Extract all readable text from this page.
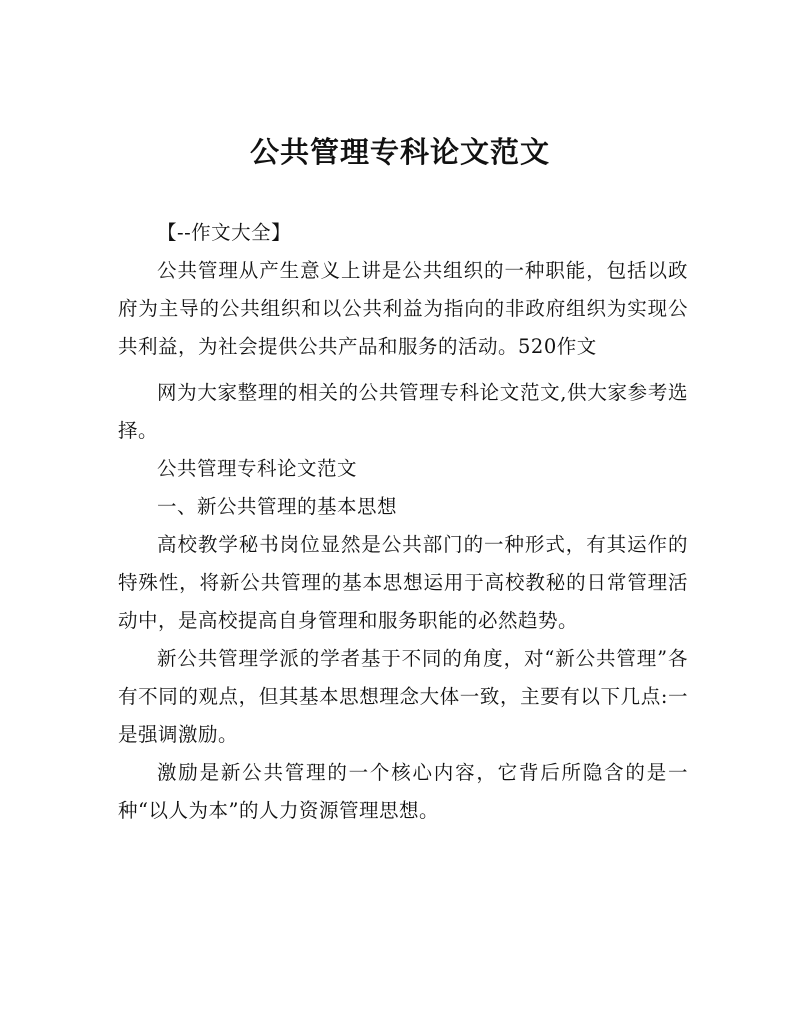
公共管理专科论文范文

【--作文大全】

公共管理从产生意义上讲是公共组织的一种职能，包括以政府为主导的公共组织和以公共利益为指向的非政府组织为实现公共利益，为社会提供公共产品和服务的活动。520作文

网为大家整理的相关的公共管理专科论文范文,供大家参考选择。

公共管理专科论文范文

一、新公共管理的基本思想

高校教学秘书岗位显然是公共部门的一种形式，有其运作的特殊性，将新公共管理的基本思想运用于高校教秘的日常管理活动中，是高校提高自身管理和服务职能的必然趋势。

新公共管理学派的学者基于不同的角度，对“新公共管理”各有不同的观点，但其基本思想理念大体一致，主要有以下几点:一是强调激励。

激励是新公共管理的一个核心内容，它背后所隐含的是一种“以人为本”的人力资源管理思想。
